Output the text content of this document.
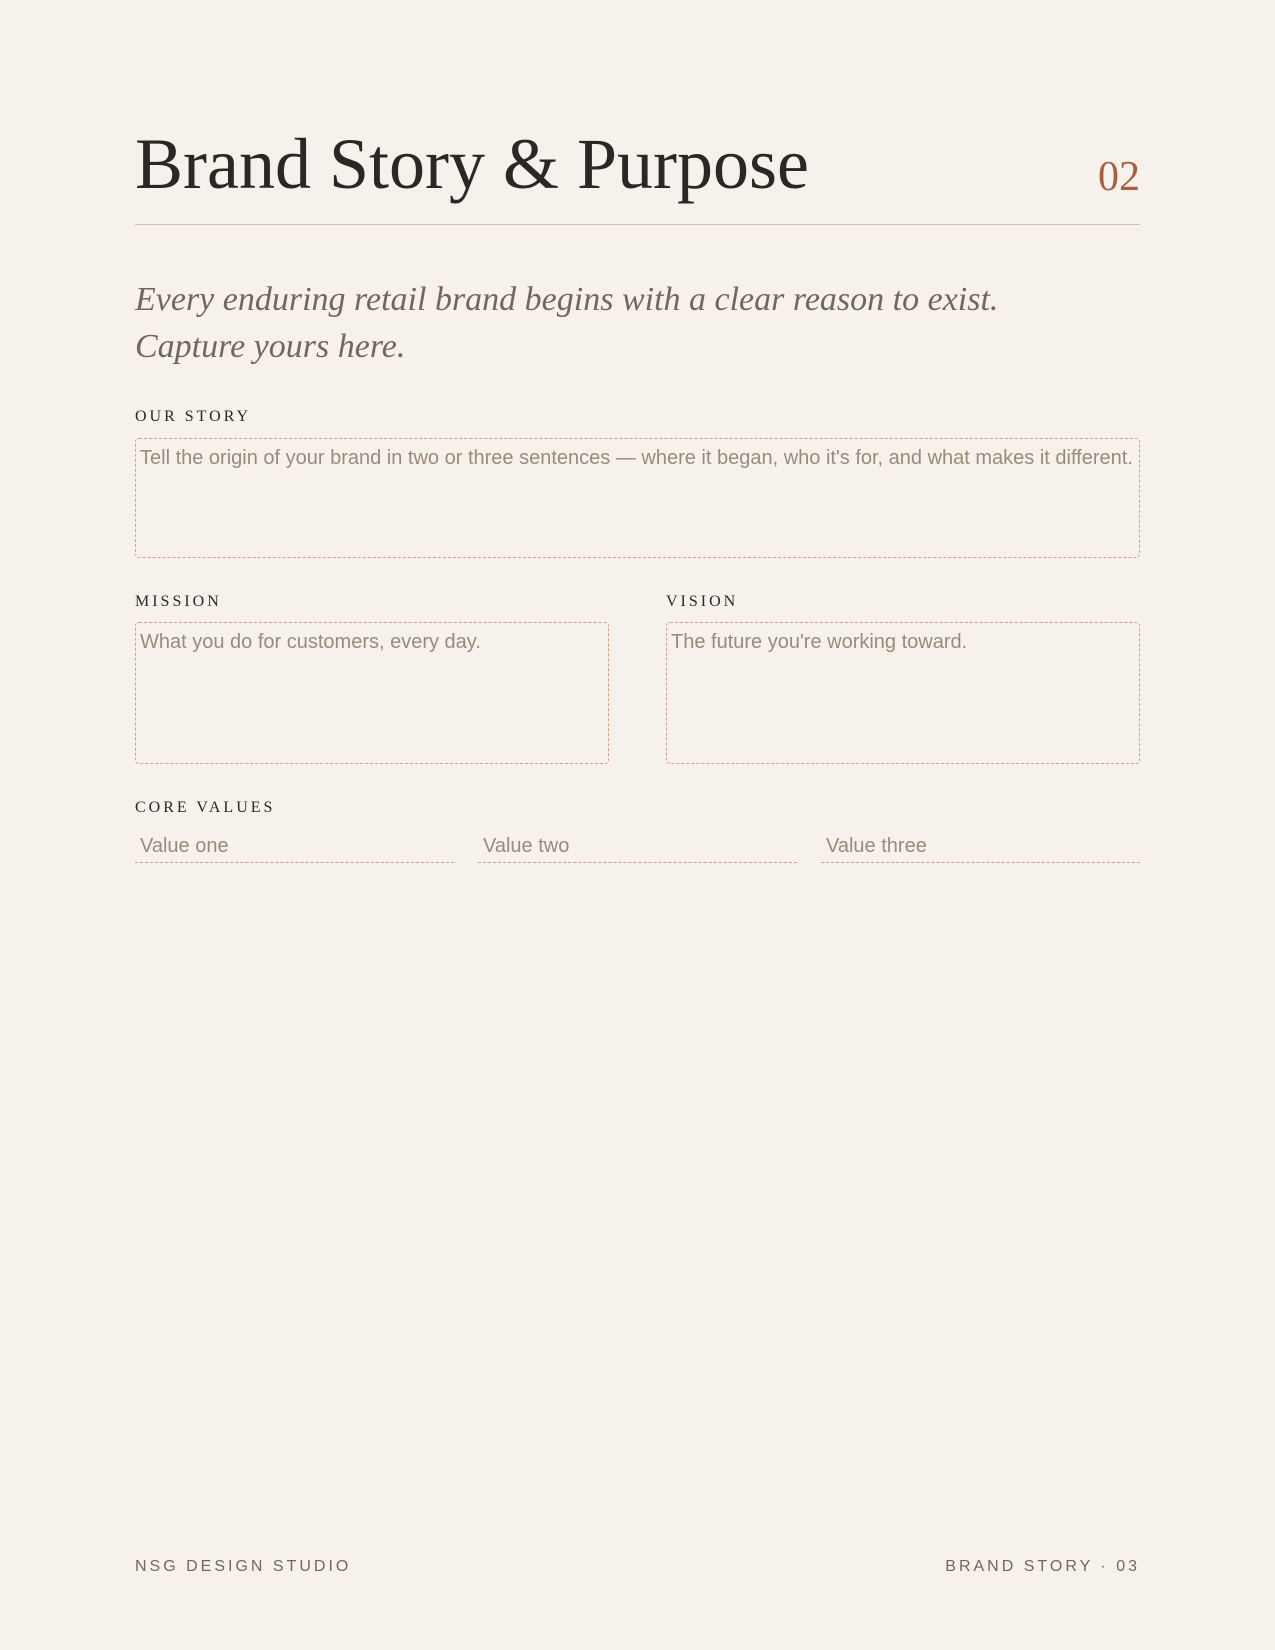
Brand Story & Purpose	02

Every enduring retail brand begins with a clear reason to exist. Capture yours here.

OUR STORY
Tell the origin of your brand in two or three sentences — where it began, who it's for, and what makes it different.
MISSION
What you do for customers, every day.	VISION
The future you're working toward.
CORE VALUES
Value one
Value two
Value three
NSG DESIGN STUDIO	BRAND STORY · 03
